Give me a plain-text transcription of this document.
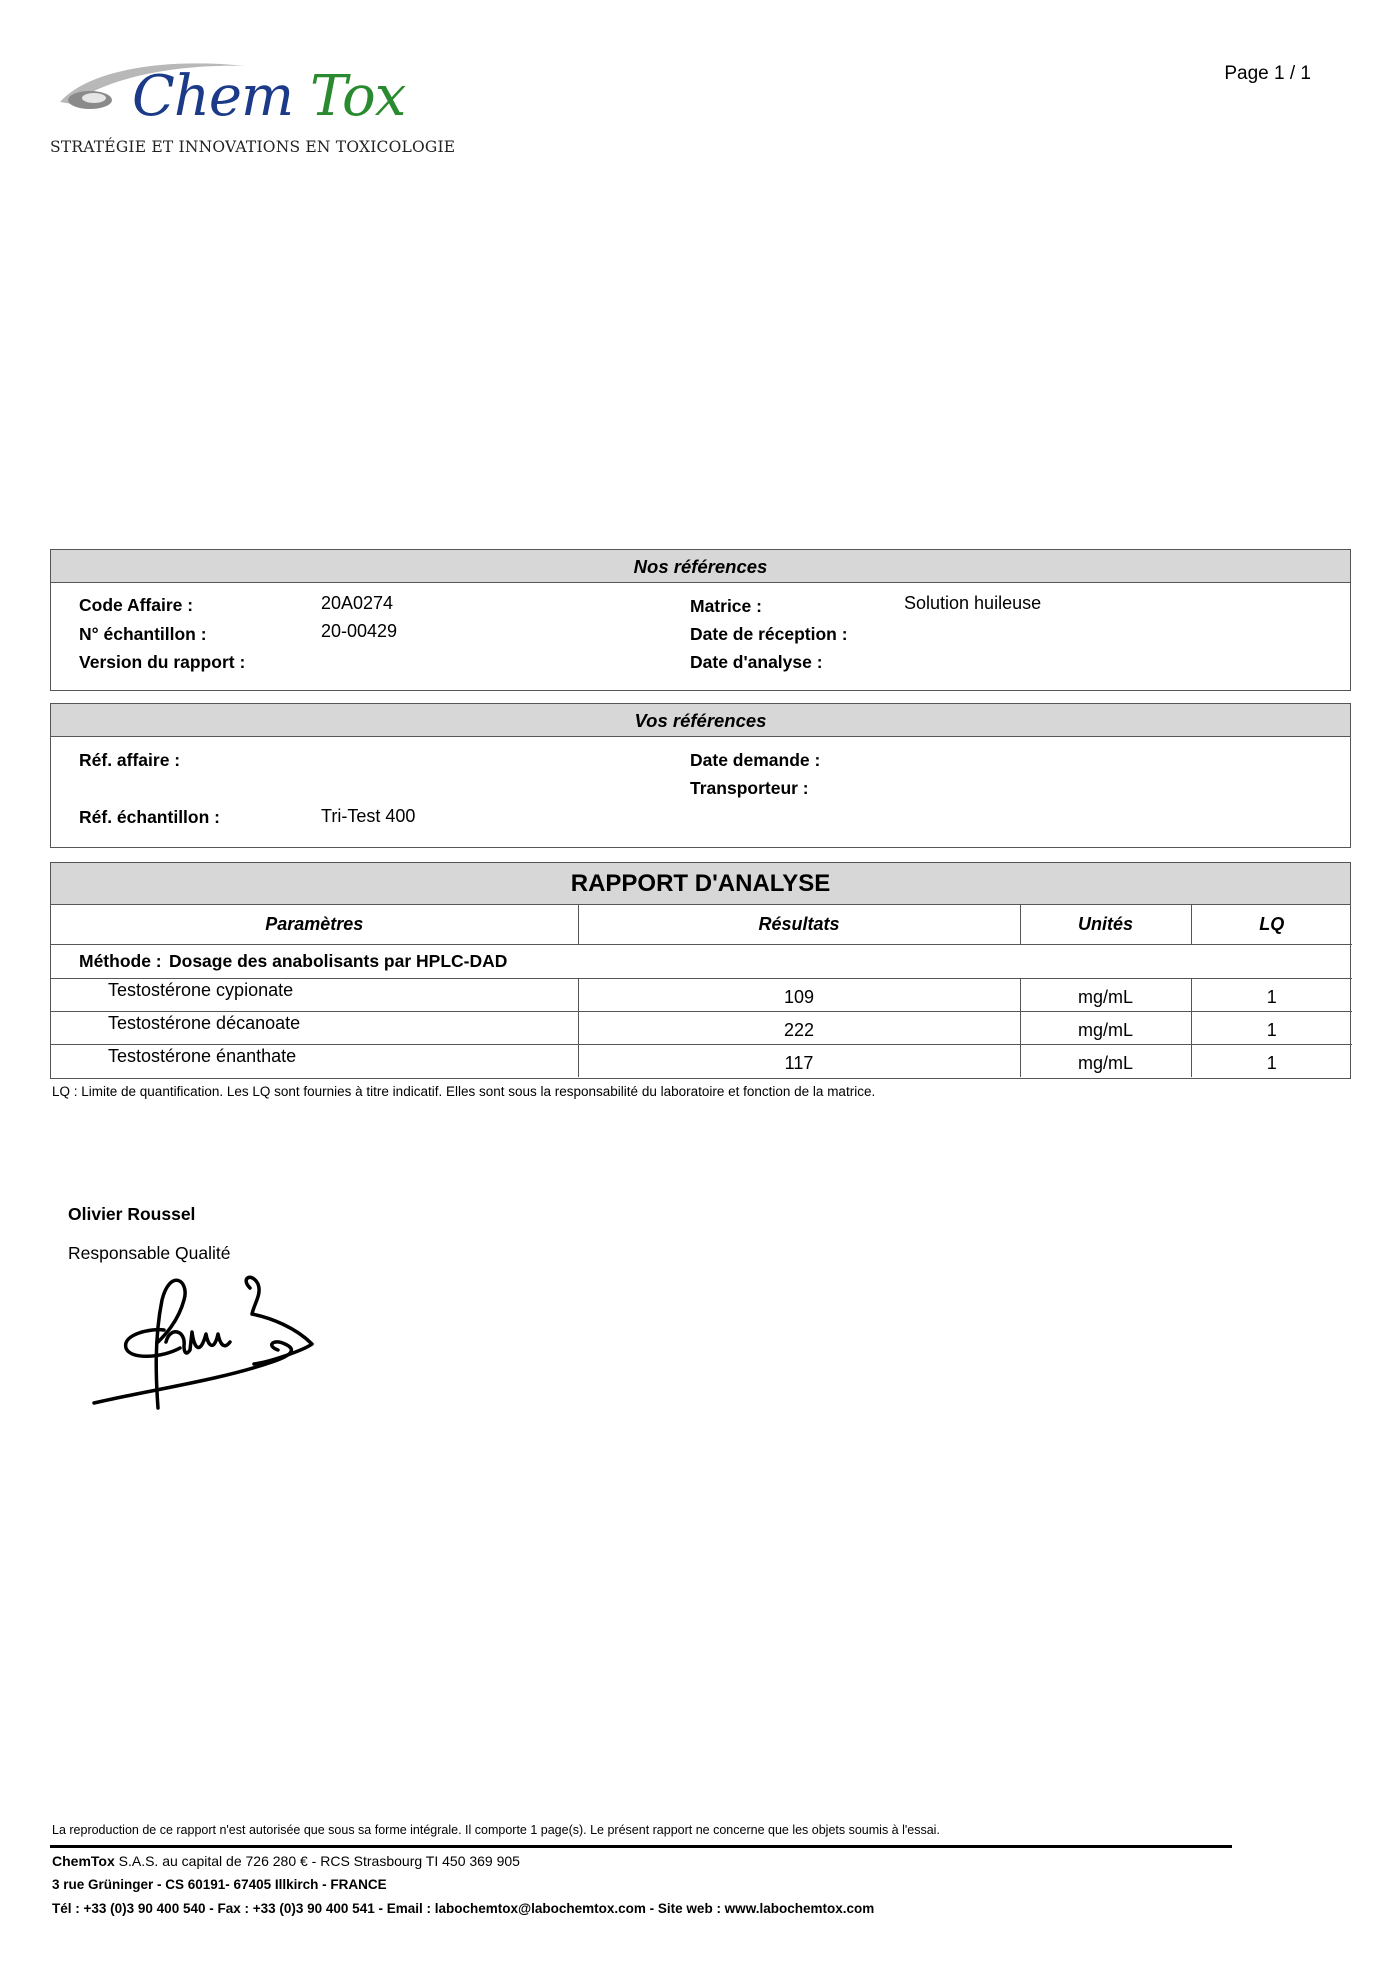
Chem Tox
STRATÉGIE ET INNOVATIONS EN TOXICOLOGIE
Page 1 / 1
Nos références
Code Affaire :	20A0274
N° échantillon :	20-00429
Version du rapport :
Matrice :	Solution huileuse
Date de réception :
Date d'analyse :
Vos références
Réf. affaire :
Réf. échantillon :	Tri-Test 400
Date demande :
Transporteur :
RAPPORT D'ANALYSE
Paramètres	Résultats	Unités	LQ
Méthode : Dosage des anabolisants par HPLC-DAD			
Testostérone cypionate	109	mg/mL	1
Testostérone décanoate	222	mg/mL	1
Testostérone énanthate	117	mg/mL	1
LQ : Limite de quantification. Les LQ sont fournies à titre indicatif. Elles sont sous la responsabilité du laboratoire et fonction de la matrice.
Olivier Roussel
Responsable Qualité
La reproduction de ce rapport n'est autorisée que sous sa forme intégrale. Il comporte 1 page(s). Le présent rapport ne concerne que les objets soumis à l'essai.
ChemTox S.A.S. au capital de 726 280 € - RCS Strasbourg TI 450 369 905
3 rue Grüninger - CS 60191- 67405 Illkirch - FRANCE
Tél : +33 (0)3 90 400 540 - Fax : +33 (0)3 90 400 541 - Email : labochemtox@labochemtox.com - Site web : www.labochemtox.com
